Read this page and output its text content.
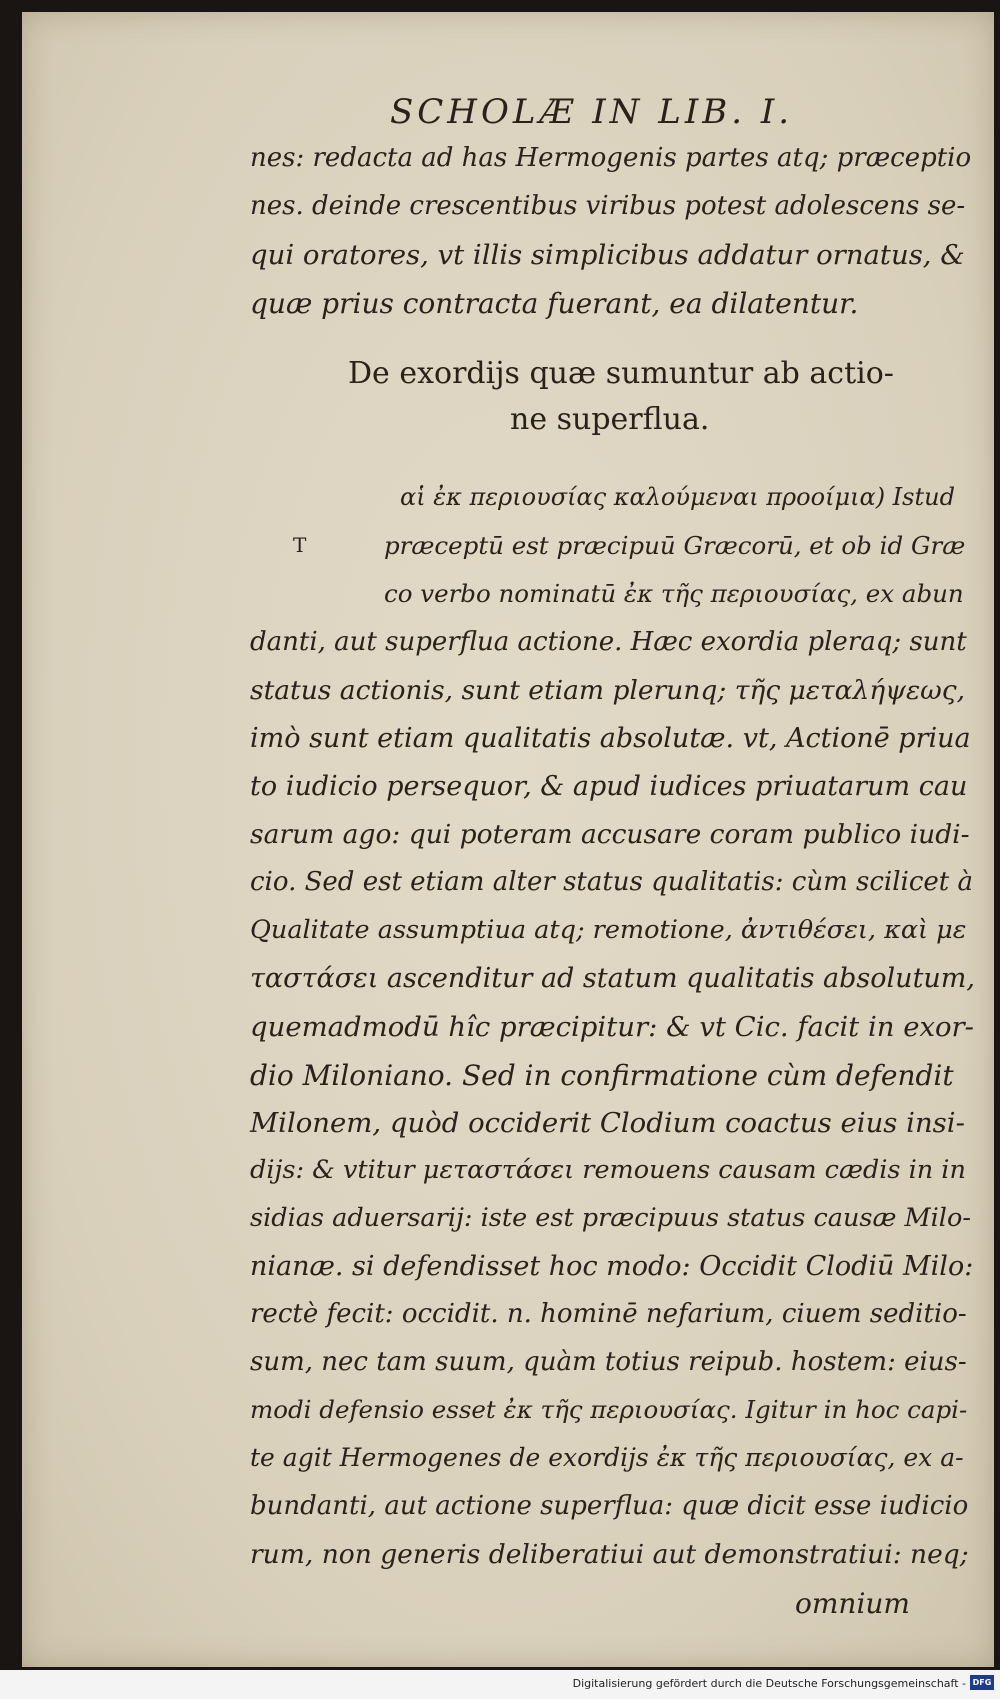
SCHOLÆ IN LIB. I.
nes: redacta ad has Hermogenis partes atq; præceptio
nes. deinde crescentibus viribus potest adolescens se-
qui oratores, vt illis simplicibus addatur ornatus, &
quæ prius contracta fuerant, ea dilatentur.
De exordijs quæ sumuntur ab actio-
ne superflua.
T
αἱ ἐκ περιουσίας καλούμεναι προοίμια) Istud
præceptū est præcipuū Græcorū, et ob id Græ
co verbo nominatū ἐκ τῆς περιουσίας, ex abun
danti, aut superflua actione. Hæc exordia pleraq; sunt
status actionis, sunt etiam plerunq; τῆς μεταλήψεως,
imò sunt etiam qualitatis absolutæ. vt, Actionē priua
to iudicio persequor, & apud iudices priuatarum cau
sarum ago: qui poteram accusare coram publico iudi-
cio. Sed est etiam alter status qualitatis: cùm scilicet à
Qualitate assumptiua atq; remotione, ἀντιθέσει, καὶ με
ταστάσει ascenditur ad statum qualitatis absolutum,
quemadmodū hîc præcipitur: & vt Cic. facit in exor-
dio Miloniano. Sed in confirmatione cùm defendit
Milonem, quòd occiderit Clodium coactus eius insi-
dijs: & vtitur μεταστάσει remouens causam cædis in in
sidias aduersarij: iste est præcipuus status causæ Milo-
nianæ. si defendisset hoc modo: Occidit Clodiū Milo:
rectè fecit: occidit. n. hominē nefarium, ciuem seditio-
sum, nec tam suum, quàm totius reipub. hostem: eius-
modi defensio esset ἐκ τῆς περιουσίας. Igitur in hoc capi-
te agit Hermogenes de exordijs ἐκ τῆς περιουσίας, ex a-
bundanti, aut actione superflua: quæ dicit esse iudicio
rum, non generis deliberatiui aut demonstratiui: neq;
omnium
Digitalisierung gefördert durch die Deutsche Forschungsgemeinschaft - DFG
